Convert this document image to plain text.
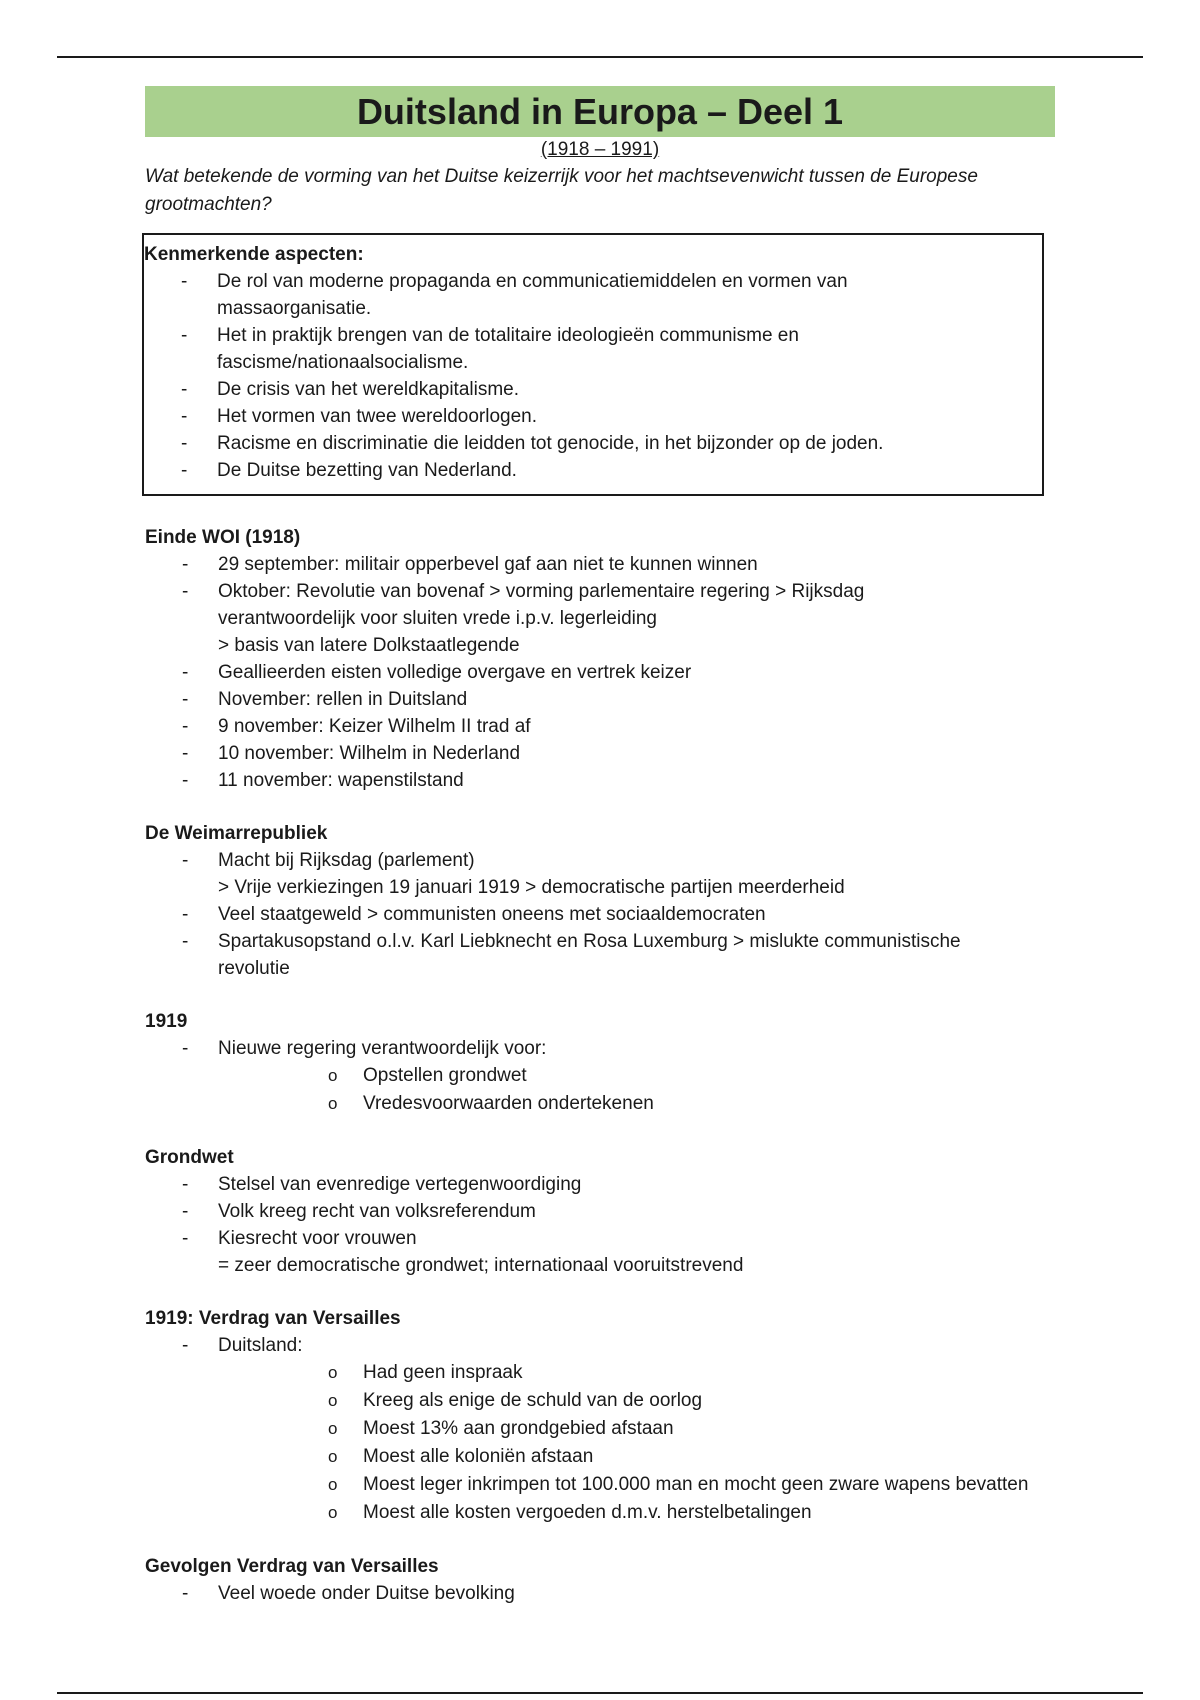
Duitsland in Europa – Deel 1
(1918 – 1991)
Wat betekende de vorming van het Duitse keizerrijk voor het machtsevenwicht tussen de Europese grootmachten?
Kenmerkende aspecten:
- De rol van moderne propaganda en communicatiemiddelen en vormen van
massaorganisatie.
- Het in praktijk brengen van de totalitaire ideologieën communisme en
fascisme/nationaalsocialisme.
- De crisis van het wereldkapitalisme.
- Het vormen van twee wereldoorlogen.
- Racisme en discriminatie die leidden tot genocide, in het bijzonder op de joden.
- De Duitse bezetting van Nederland.
Einde WOI (1918)
- 29 september: militair opperbevel gaf aan niet te kunnen winnen
- Oktober: Revolutie van bovenaf > vorming parlementaire regering > Rijksdag
verantwoordelijk voor sluiten vrede i.p.v. legerleiding
> basis van latere Dolkstaatlegende
- Geallieerden eisten volledige overgave en vertrek keizer
- November: rellen in Duitsland
- 9 november: Keizer Wilhelm II trad af
- 10 november: Wilhelm in Nederland
- 11 november: wapenstilstand
De Weimarrepubliek
- Macht bij Rijksdag (parlement)
> Vrije verkiezingen 19 januari 1919 > democratische partijen meerderheid
- Veel staatgeweld > communisten oneens met sociaaldemocraten
- Spartakusopstand o.l.v. Karl Liebknecht en Rosa Luxemburg > mislukte communistische
revolutie
1919
- Nieuwe regering verantwoordelijk voor:
o Opstellen grondwet
o Vredesvoorwaarden ondertekenen
Grondwet
- Stelsel van evenredige vertegenwoordiging
- Volk kreeg recht van volksreferendum
- Kiesrecht voor vrouwen
= zeer democratische grondwet; internationaal vooruitstrevend
1919: Verdrag van Versailles
- Duitsland:
o Had geen inspraak
o Kreeg als enige de schuld van de oorlog
o Moest 13% aan grondgebied afstaan
o Moest alle koloniën afstaan
o Moest leger inkrimpen tot 100.000 man en mocht geen zware wapens bevatten
o Moest alle kosten vergoeden d.m.v. herstelbetalingen
Gevolgen Verdrag van Versailles
- Veel woede onder Duitse bevolking
